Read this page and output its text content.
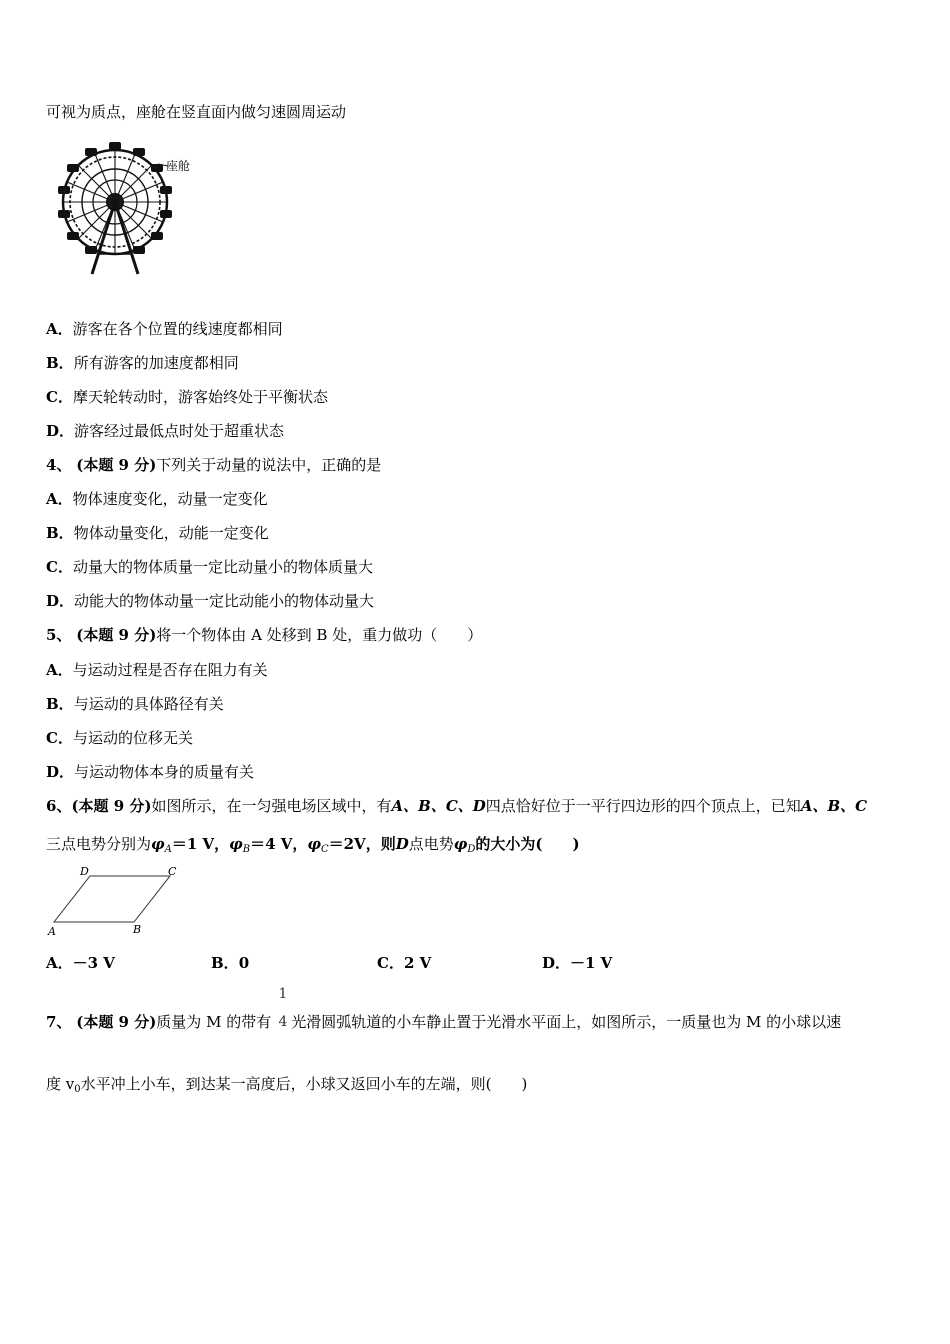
可视为质点，座舱在竖直面内做匀速圆周运动
座舱
A．游客在各个位置的线速度都相同
B．所有游客的加速度都相同
C．摩天轮转动时，游客始终处于平衡状态
D．游客经过最低点时处于超重状态
4、 (本题 9 分)下列关于动量的说法中，正确的是
A．物体速度变化，动量一定变化
B．物体动量变化，动能一定变化
C．动量大的物体质量一定比动量小的物体质量大
D．动能大的物体动量一定比动能小的物体动量大
5、 (本题 9 分)将一个物体由 A 处移到 B 处，重力做功（　　）
A．与运动过程是否存在阻力有关
B．与运动的具体路径有关
C．与运动的位移无关
D．与运动物体本身的质量有关
6、(本题 9 分)如图所示，在一匀强电场区域中，有A、B、C、D四点恰好位于一平行四边形的四个顶点上，已知A、B、C
三点电势分别为$\varphi_A=1$ V，$\varphi_B=4$ V，$\varphi_C=2V$，则D点电势$\varphi_D$的大小为(　　)
D	C
A	B
A．－3 V	B．0	C．2 V	D．－1 V
7、 (本题 9 分)质量为 M 的带有 光滑圆弧轨道的小车静止置于光滑水平面上，如图所示，一质量也为 M 的小球以速
1
4
度 $v_0$水平冲上小车，到达某一高度后，小球又返回小车的左端，则(　　)
